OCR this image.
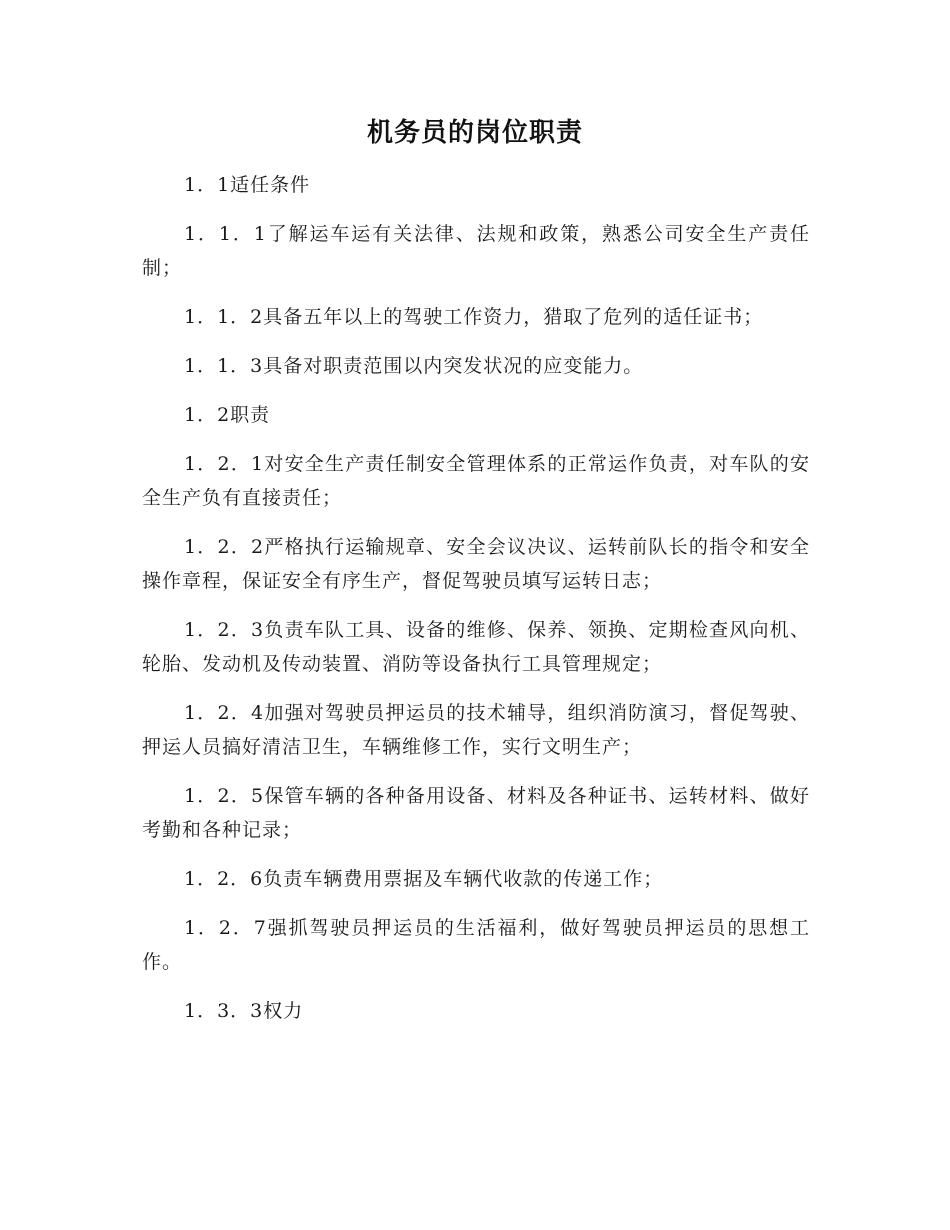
机务员的岗位职责

1．1适任条件

1．1．1了解运车运有关法律、法规和政策，熟悉公司安全生产责任制；

1．1．2具备五年以上的驾驶工作资力，猎取了危列的适任证书；

1．1．3具备对职责范围以内突发状况的应变能力。

1．2职责

1．2．1对安全生产责任制安全管理体系的正常运作负责，对车队的安全生产负有直接责任；

1．2．2严格执行运输规章、安全会议决议、运转前队长的指令和安全操作章程，保证安全有序生产，督促驾驶员填写运转日志；

1．2．3负责车队工具、设备的维修、保养、领换、定期检查风向机、轮胎、发动机及传动装置、消防等设备执行工具管理规定；

1．2．4加强对驾驶员押运员的技术辅导，组织消防演习，督促驾驶、押运人员搞好清洁卫生，车辆维修工作，实行文明生产；

1．2．5保管车辆的各种备用设备、材料及各种证书、运转材料、做好考勤和各种记录；

1．2．6负责车辆费用票据及车辆代收款的传递工作；

1．2．7强抓驾驶员押运员的生活福利，做好驾驶员押运员的思想工作。

1．3．3权力
